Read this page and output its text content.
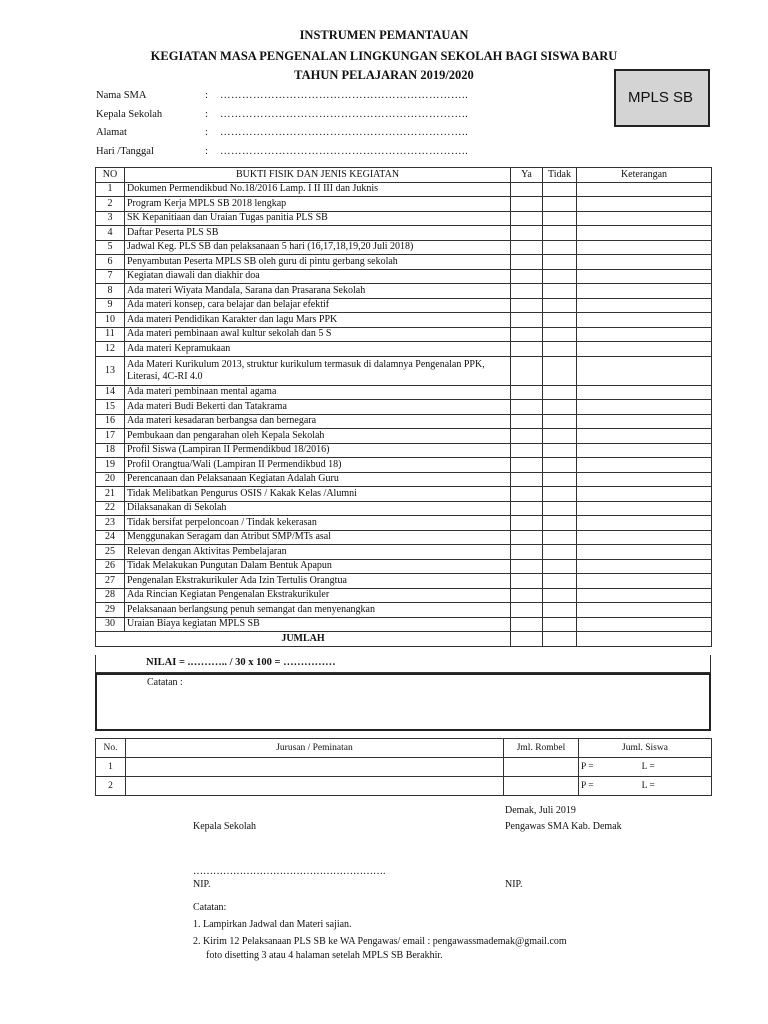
INSTRUMEN PEMANTAUAN
KEGIATAN MASA PENGENALAN LINGKUNGAN SEKOLAH BAGI SISWA BARU
TAHUN PELAJARAN 2019/2020
MPLS SB
Nama SMA	: …………………………………………………………..
Kepala Sekolah	: …………………………………………………………..
Alamat	: …………………………………………………………..
Hari /Tanggal	: …………………………………………………………..
NO	BUKTI FISIK DAN JENIS KEGIATAN	Ya	Tidak	Keterangan
1	Dokumen Permendikbud No.18/2016 Lamp. I II III dan Juknis			
2	Program Kerja MPLS SB 2018 lengkap			
3	SK Kepanitiaan dan Uraian Tugas panitia PLS SB			
4	Daftar Peserta PLS SB			
5	Jadwal Keg. PLS SB dan pelaksanaan 5 hari (16,17,18,19,20 Juli 2018)			
6	Penyambutan Peserta MPLS SB oleh guru di pintu gerbang sekolah			
7	Kegiatan diawali dan diakhir doa			
8	Ada materi Wiyata Mandala, Sarana dan Prasarana Sekolah			
9	Ada materi konsep, cara belajar dan belajar efektif			
10	Ada materi Pendidikan Karakter dan lagu Mars PPK			
11	Ada materi pembinaan awal kultur sekolah dan 5 S			
12	Ada materi Kepramukaan			
13	Ada Materi Kurikulum 2013, struktur kurikulum termasuk di dalamnya Pengenalan PPK, Literasi, 4C-RI 4.0			
14	Ada materi pembinaan mental agama			
15	Ada materi Budi Bekerti dan Tatakrama			
16	Ada materi kesadaran berbangsa dan bernegara			
17	Pembukaan dan pengarahan oleh Kepala Sekolah			
18	Profil Siswa (Lampiran II Permendikbud 18/2016)			
19	Profil Orangtua/Wali (Lampiran II Permendikbud 18)			
20	Perencanaan dan Pelaksanaan Kegiatan Adalah Guru			
21	Tidak Melibatkan Pengurus OSIS / Kakak Kelas /Alumni			
22	Dilaksanakan di Sekolah			
23	Tidak bersifat perpeloncoan / Tindak kekerasan			
24	Menggunakan Seragam dan Atribut SMP/MTs asal			
25	Relevan dengan Aktivitas Pembelajaran			
26	Tidak Melakukan Pungutan Dalam Bentuk Apapun			
27	Pengenalan Ekstrakurikuler Ada Izin Tertulis Orangtua			
28	Ada Rincian Kegiatan Pengenalan Ekstrakurikuler			
29	Pelaksanaan berlangsung penuh semangat dan menyenangkan			
30	Uraian Biaya kegiatan MPLS SB			
JUMLAH				
NILAI = .……….. / 30 x 100 = ……………
Catatan :
No.	Jurusan / Peminatan	Jml. Rombel	Juml. Siswa
1			P = L =
2			P = L =
Demak, Juli 2019
Kepala Sekolah	Pengawas SMA Kab. Demak
………………………………………………….
NIP.	NIP.
Catatan:
1. Lampirkan Jadwal dan Materi sajian.
2. Kirim 12 Pelaksanaan PLS SB ke WA Pengawas/ email : pengawassmademak@gmail.com
foto disetting 3 atau 4 halaman setelah MPLS SB Berakhir.
